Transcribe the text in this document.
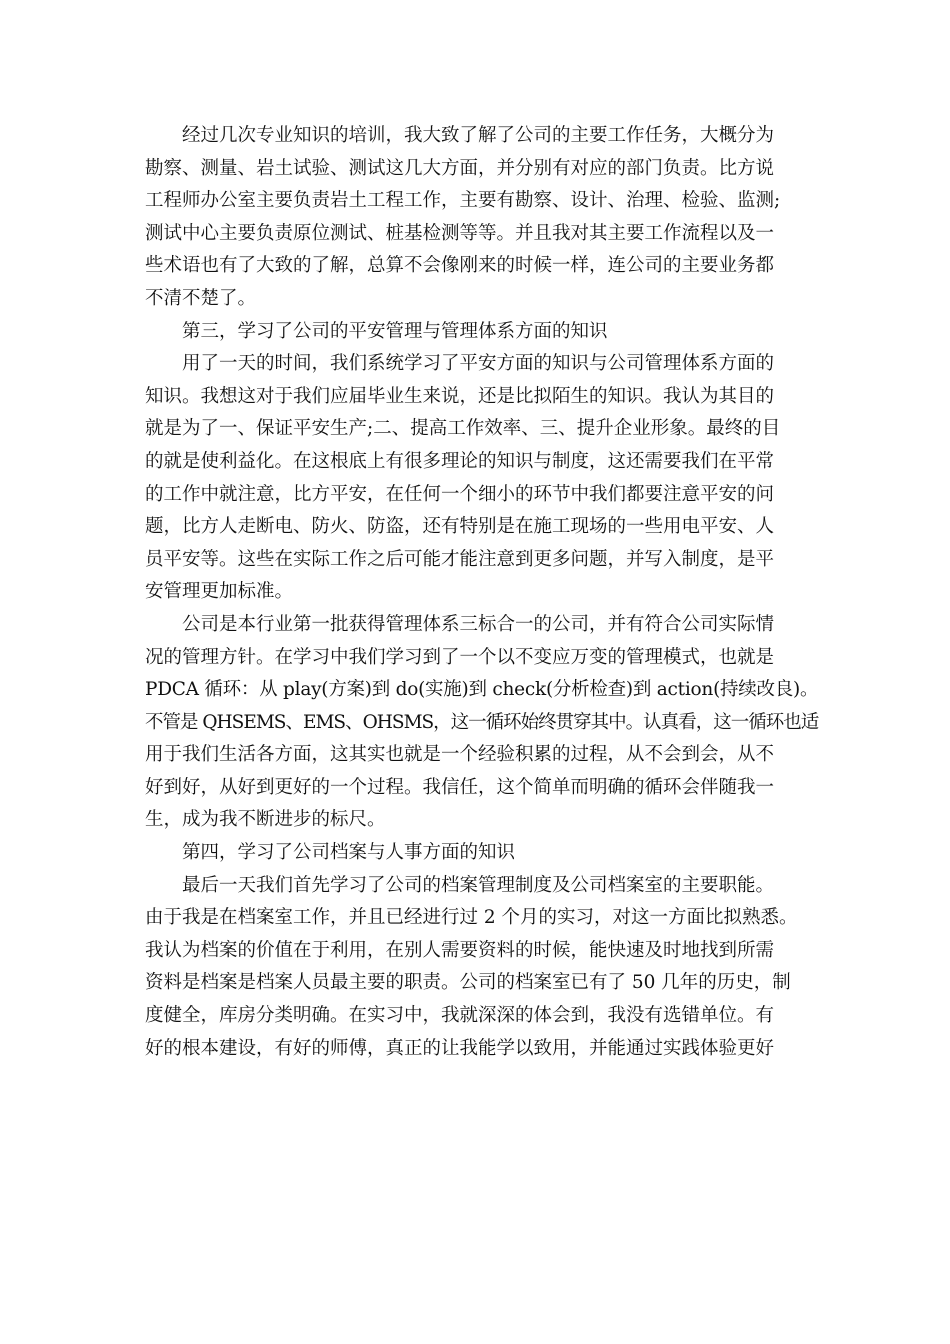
经过几次专业知识的培训，我大致了解了公司的主要工作任务，大概分为
勘察、测量、岩土试验、测试这几大方面，并分别有对应的部门负责。比方说
工程师办公室主要负责岩土工程工作，主要有勘察、设计、治理、检验、监测;
测试中心主要负责原位测试、桩基检测等等。并且我对其主要工作流程以及一
些术语也有了大致的了解，总算不会像刚来的时候一样，连公司的主要业务都
不清不楚了。
第三，学习了公司的平安管理与管理体系方面的知识
用了一天的时间，我们系统学习了平安方面的知识与公司管理体系方面的
知识。我想这对于我们应届毕业生来说，还是比拟陌生的知识。我认为其目的
就是为了一、保证平安生产;二、提高工作效率、三、提升企业形象。最终的目
的就是使利益化。在这根底上有很多理论的知识与制度，这还需要我们在平常
的工作中就注意，比方平安，在任何一个细小的环节中我们都要注意平安的问
题，比方人走断电、防火、防盗，还有特别是在施工现场的一些用电平安、人
员平安等。这些在实际工作之后可能才能注意到更多问题，并写入制度，是平
安管理更加标准。
公司是本行业第一批获得管理体系三标合一的公司，并有符合公司实际情
况的管理方针。在学习中我们学习到了一个以不变应万变的管理模式，也就是
PDCA 循环：从 play(方案)到 do(实施)到 check(分析检查)到 action(持续改良)。
不管是 QHSEMS、EMS、OHSMS，这一循环始终贯穿其中。认真看，这一循环也适
用于我们生活各方面，这其实也就是一个经验积累的过程，从不会到会，从不
好到好，从好到更好的一个过程。我信任，这个简单而明确的循环会伴随我一
生，成为我不断进步的标尺。
第四，学习了公司档案与人事方面的知识
最后一天我们首先学习了公司的档案管理制度及公司档案室的主要职能。
由于我是在档案室工作，并且已经进行过 2 个月的实习，对这一方面比拟熟悉。
我认为档案的价值在于利用，在别人需要资料的时候，能快速及时地找到所需
资料是档案是档案人员最主要的职责。公司的档案室已有了 50 几年的历史，制
度健全，库房分类明确。在实习中，我就深深的体会到，我没有选错单位。有
好的根本建设，有好的师傅，真正的让我能学以致用，并能通过实践体验更好
